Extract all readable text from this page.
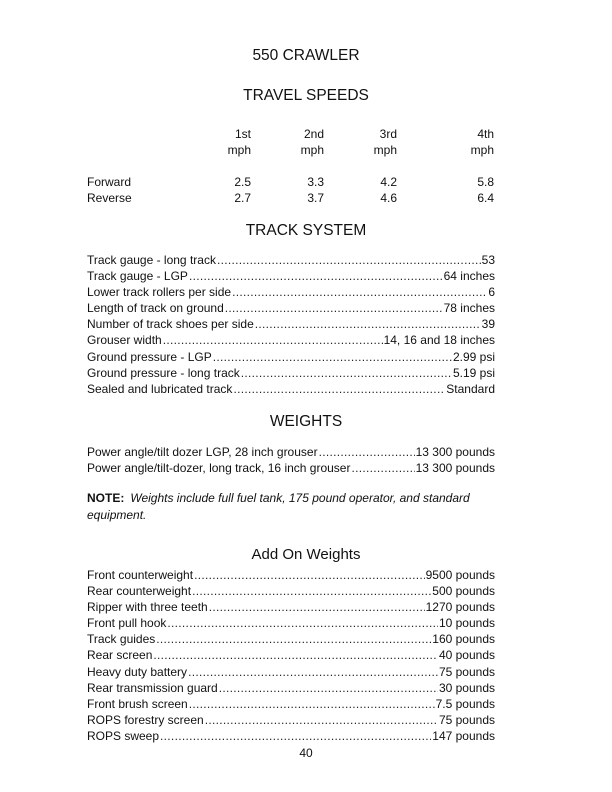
550 CRAWLER
TRAVEL SPEEDS
1st	2nd	3rd	4th
mph	mph	mph	mph
Forward	2.5	3.3	4.2	5.8
Reverse	2.7	3.7	4.6	6.4
TRACK SYSTEM
Track gauge - long track .....	53
Track gauge - LGP .....	64 inches
Lower track rollers per side .....	6
Length of track on ground .....	78 inches
Number of track shoes per side .....	39
Grouser width .....	14, 16 and 18 inches
Ground pressure - LGP .....	2.99 psi
Ground pressure - long track .....	5.19 psi
Sealed and lubricated track .....	Standard
WEIGHTS
Power angle/tilt dozer LGP, 28 inch grouser .....	13 300 pounds
Power angle/tilt-dozer, long track, 16 inch grouser .....	13 300 pounds
NOTE: Weights include full fuel tank, 175 pound operator, and standard equipment.
Add On Weights
Front counterweight .....	9500 pounds
Rear counterweight .....	500 pounds
Ripper with three teeth .....	1270 pounds
Front pull hook .....	10 pounds
Track guides .....	160 pounds
Rear screen .....	40 pounds
Heavy duty battery .....	75 pounds
Rear transmission guard .....	30 pounds
Front brush screen .....	7.5 pounds
ROPS forestry screen .....	75 pounds
ROPS sweep .....	147 pounds
40
